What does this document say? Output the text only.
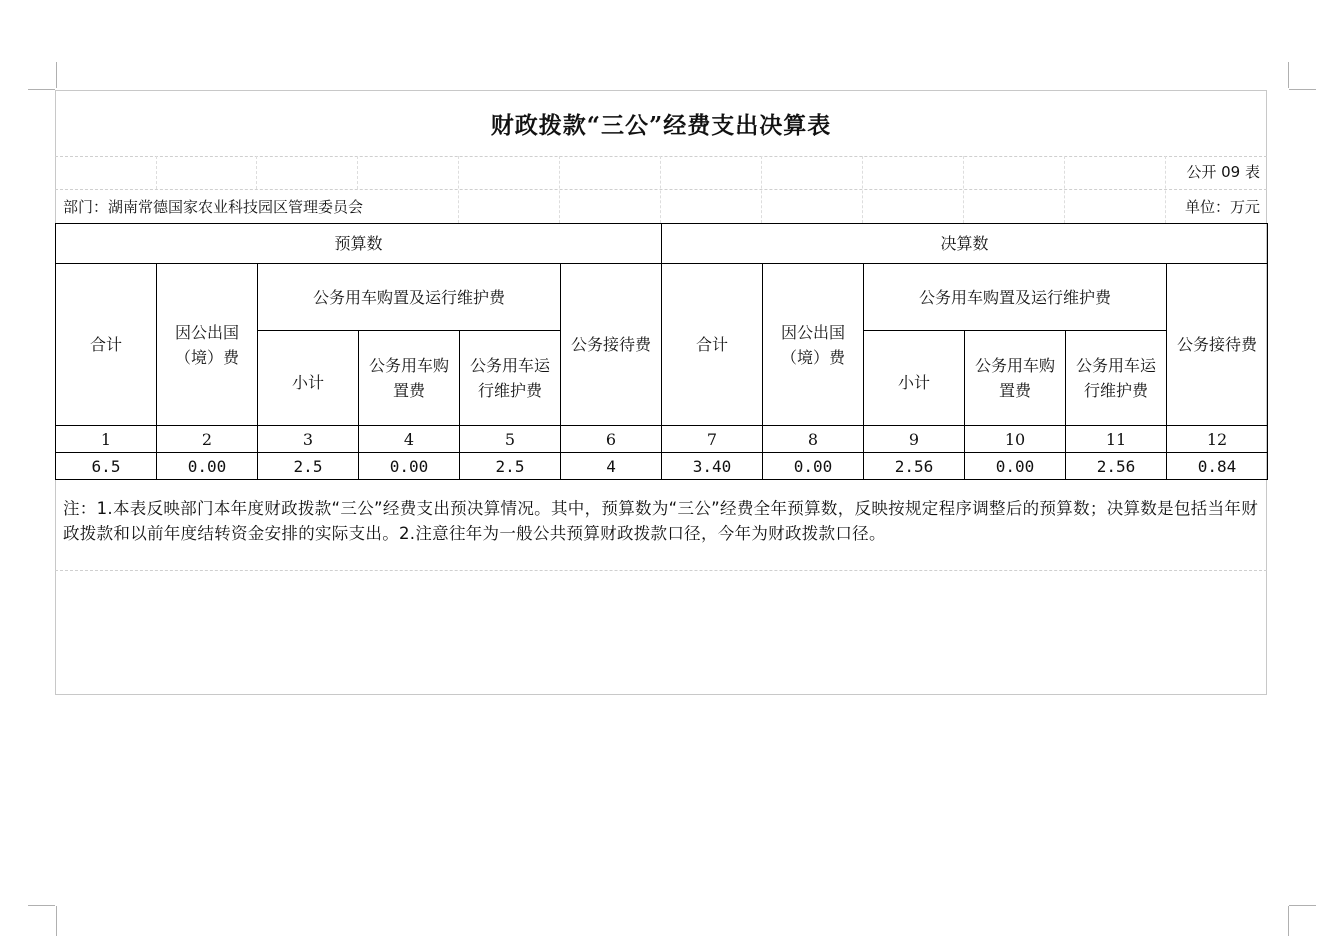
财政拨款“三公”经费支出决算表
公开 09 表
部门：湖南常德国家农业科技园区管理委员会	单位：万元
预算数						决算数					
合计	因公出国（境）费	公务用车购置及运行维护费			公务接待费	合计	因公出国（境）费	公务用车购置及运行维护费			公务接待费
		小计	公务用车购置费	公务用车运行维护费				小计	公务用车购置费	公务用车运行维护费	
1	2	3	4	5	6	7	8	9	10	11	12
6.5	0.00	2.5	0.00	2.5	4	3.40	0.00	2.56	0.00	2.56	0.84
注：1.本表反映部门本年度财政拨款“三公”经费支出预决算情况。其中，预算数为“三公”经费全年预算数，反映按规定程序调整后的预算数；决算数是包括当年财政拨款和以前年度结转资金安排的实际支出。2.注意往年为一般公共预算财政拨款口径，今年为财政拨款口径。
